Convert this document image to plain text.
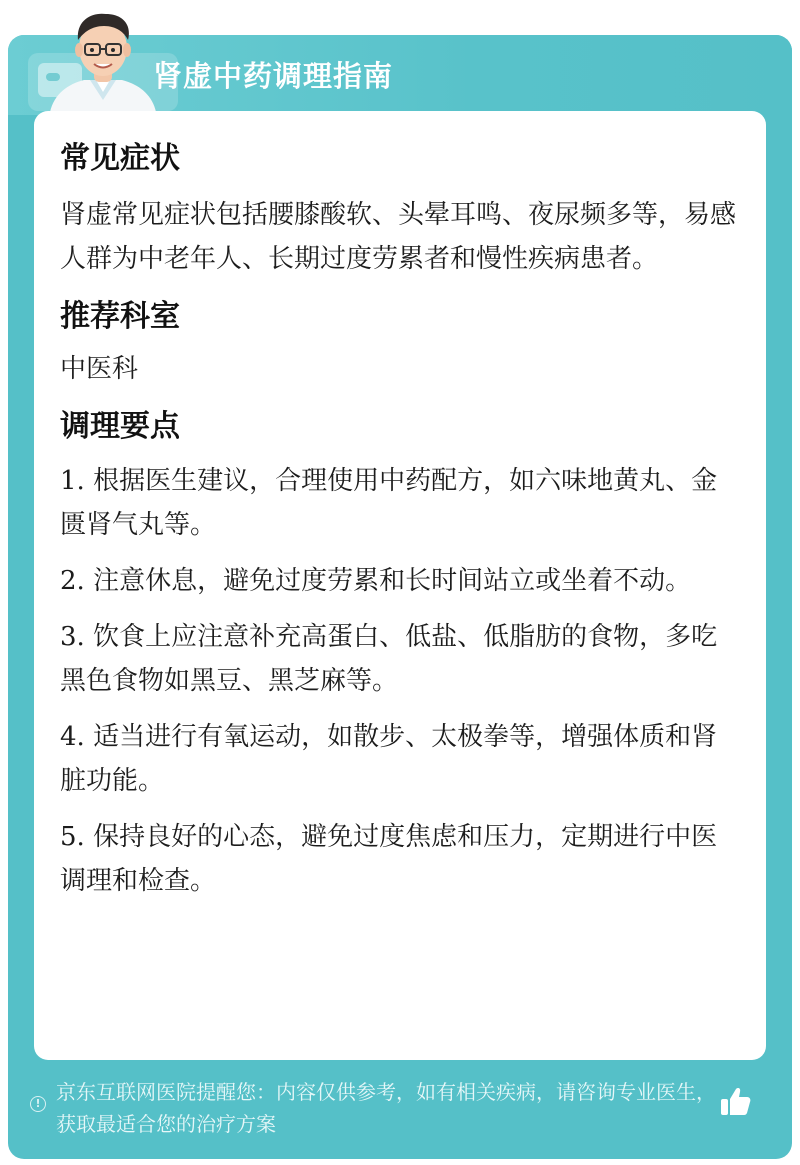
肾虚中药调理指南
常见症状
肾虚常见症状包括腰膝酸软、头晕耳鸣、夜尿频多等，易感人群为中老年人、长期过度劳累者和慢性疾病患者。
推荐科室
中医科
调理要点
1. 根据医生建议，合理使用中药配方，如六味地黄丸、金匮肾气丸等。
2. 注意休息，避免过度劳累和长时间站立或坐着不动。
3. 饮食上应注意补充高蛋白、低盐、低脂肪的食物，多吃黑色食物如黑豆、黑芝麻等。
4. 适当进行有氧运动，如散步、太极拳等，增强体质和肾脏功能。
5. 保持良好的心态，避免过度焦虑和压力，定期进行中医调理和检查。
! 京东互联网医院提醒您：内容仅供参考，如有相关疾病，请咨询专业医生，获取最适合您的治疗方案
